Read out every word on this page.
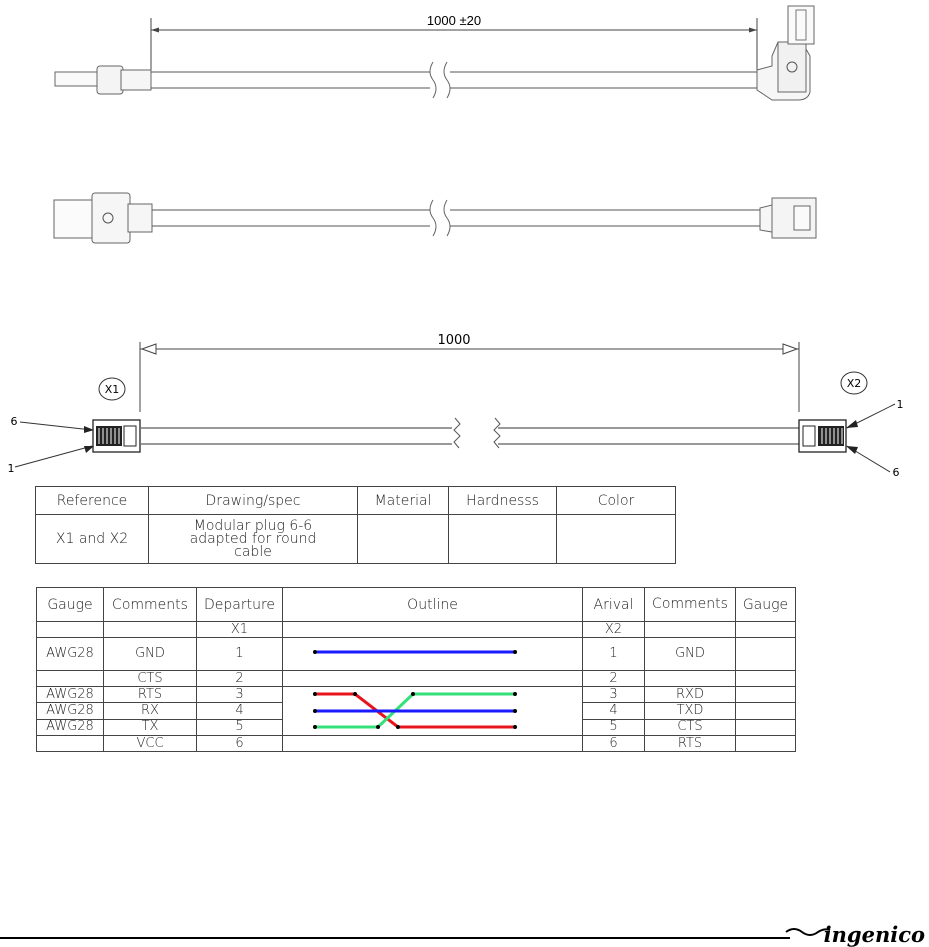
1000 ±20
1000
X1	X2
6
1
1
6
Reference	Drawing/spec	Material	Hardnesss	Color
X1 and X2	Modular plug 6-6 adapted for round cable			
Gauge	Comments	Departure	Outline	Arival	Comments	Gauge
		X1		X2		
AWG28	GND	1		1	GND	
	CTS	2		2		
AWG28	RTS	3		3	RXD	
AWG28	RX	4		4	TXD	
AWG28	TX	5		5	CTS	
	VCC	6		6	RTS	
ingenico
